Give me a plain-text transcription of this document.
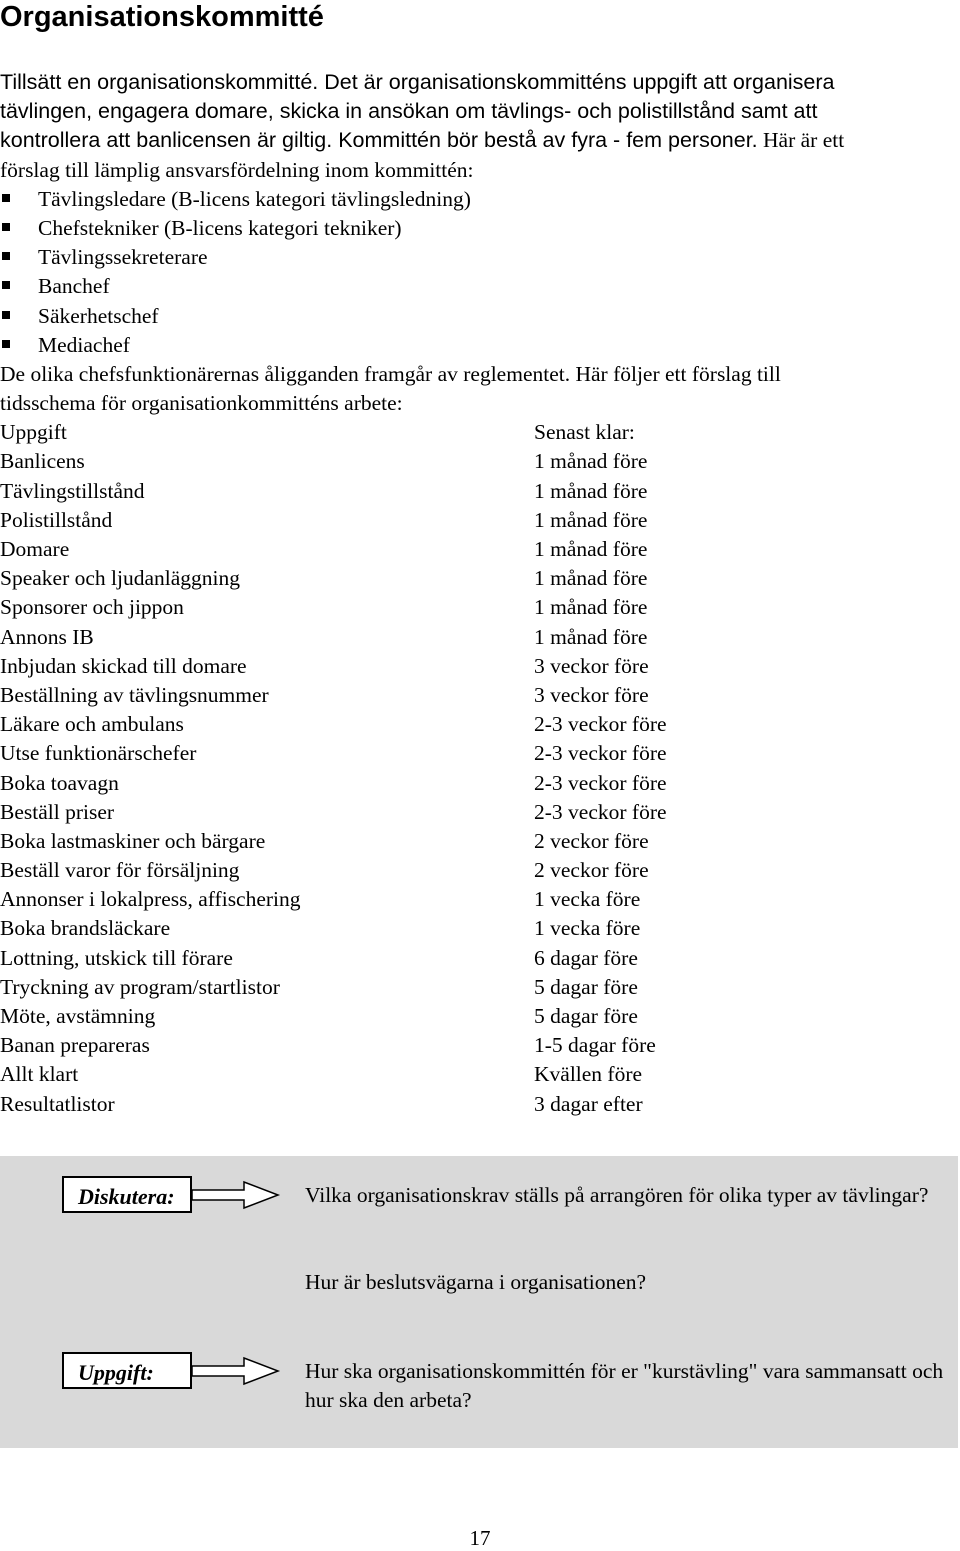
Organisationskommitté
Tillsätt en organisationskommitté. Det är organisationskommitténs uppgift att organisera
tävlingen, engagera domare, skicka in ansökan om tävlings- och polistillstånd samt att
kontrollera att banlicensen är giltig. Kommittén bör bestå av fyra - fem personer. Här är ett
förslag till lämplig ansvarsfördelning inom kommittén:
Tävlingsledare (B-licens kategori tävlingsledning)
Chefstekniker (B-licens kategori tekniker)
Tävlingssekreterare
Banchef
Säkerhetschef
Mediachef
De olika chefsfunktionärernas åligganden framgår av reglementet. Här följer ett förslag till
tidsschema för organisationkommitténs arbete:
Uppgift	Senast klar:
Banlicens	1 månad före
Tävlingstillstånd	1 månad före
Polistillstånd	1 månad före
Domare	1 månad före
Speaker och ljudanläggning	1 månad före
Sponsorer och jippon	1 månad före
Annons IB	1 månad före
Inbjudan skickad till domare	3 veckor före
Beställning av tävlingsnummer	3 veckor före
Läkare och ambulans	2-3 veckor före
Utse funktionärschefer	2-3 veckor före
Boka toavagn	2-3 veckor före
Beställ priser	2-3 veckor före
Boka lastmaskiner och bärgare	2 veckor före
Beställ varor för försäljning	2 veckor före
Annonser i lokalpress, affischering	1 vecka före
Boka brandsläckare	1 vecka före
Lottning, utskick till förare	6 dagar före
Tryckning av program/startlistor	5 dagar före
Möte, avstämning	5 dagar före
Banan prepareras	1-5 dagar före
Allt klart	Kvällen före
Resultatlistor	3 dagar efter
Diskutera:	Vilka organisationskrav ställs på arrangören för olika typer av tävlingar?
Hur är beslutsvägarna i organisationen?
Uppgift:	Hur ska organisationskommittén för er "kurstävling" vara sammansatt och hur ska den arbeta?
17
